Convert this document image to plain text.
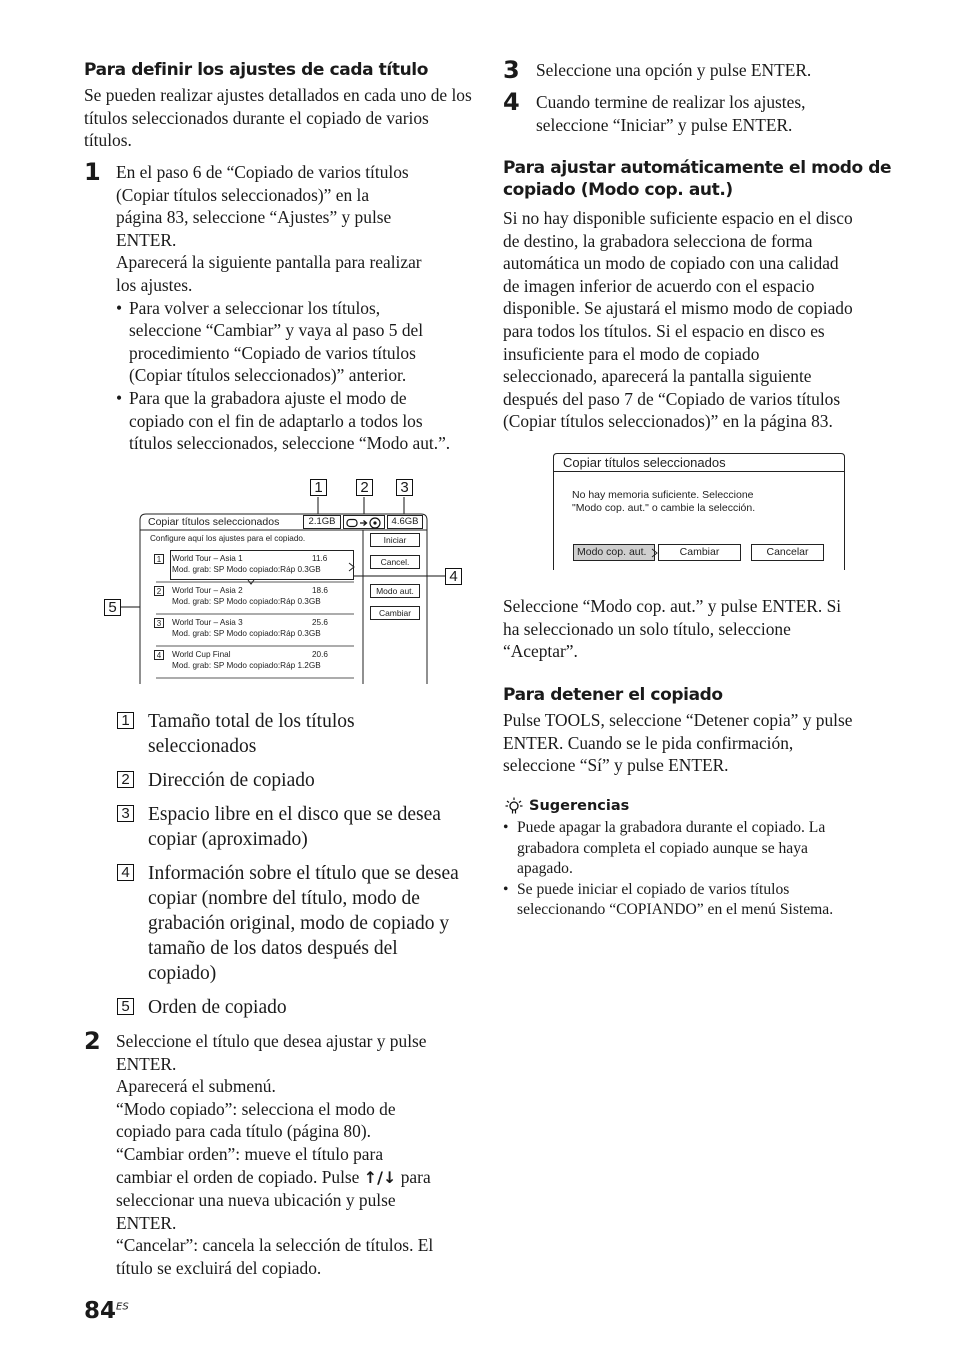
Para definir los ajustes de cada título
Se pueden realizar ajustes detallados en cada uno de los títulos seleccionados durante el copiado de varios títulos.
1 En el paso 6 de “Copiado de varios títulos
(Copiar títulos seleccionados)” en la
página 83, seleccione “Ajustes” y pulse
ENTER.
Aparecerá la siguiente pantalla para realizar
los ajustes.
• Para volver a seleccionar los títulos,
seleccione “Cambiar” y vaya al paso 5 del
procedimiento “Copiado de varios títulos
(Copiar títulos seleccionados)” anterior.
• Para que la grabadora ajuste el modo de
copiado con el fin de adaptarlo a todos los
títulos seleccionados, seleccione “Modo aut.”.
1	2 3
4
5
Copiar títulos seleccionados	2.1GB	4.6GB
Configure aquí los ajustes para el copiado.
1	World Tour – Asia 1	11.6
Mod. grab: SP Modo copiado:Ráp 0.3GB
2	World Tour – Asia 2	18.6
Mod. grab: SP Modo copiado:Ráp 0.3GB
3	World Tour – Asia 3	25.6
Mod. grab: SP Modo copiado:Ráp 0.3GB
4	World Cup Final	20.6
Mod. grab: SP Modo copiado:Ráp 1.2GB
Iniciar
Cancel.
Modo aut.
Cambiar
1 Tamaño total de los títulos
seleccionados
2 Dirección de copiado
3 Espacio libre en el disco que se desea
copiar (aproximado)
4 Información sobre el título que se desea
copiar (nombre del título, modo de
grabación original, modo de copiado y
tamaño de los datos después del
copiado)
5 Orden de copiado
2 Seleccione el título que desea ajustar y pulse
ENTER.
Aparecerá el submenú.
“Modo copiado”: selecciona el modo de
copiado para cada título (página 80).
“Cambiar orden”: mueve el título para
cambiar el orden de copiado. Pulse ↑/↓ para
seleccionar una nueva ubicación y pulse
ENTER.
“Cancelar”: cancela la selección de títulos. El
título se excluirá del copiado.
$84^{ES}$
3 Seleccione una opción y pulse ENTER.
4 Cuando termine de realizar los ajustes,
seleccione “Iniciar” y pulse ENTER.
Para ajustar automáticamente el modo de
copiado (Modo cop. aut.)
Si no hay disponible suficiente espacio en el disco
de destino, la grabadora selecciona de forma
automática un modo de copiado con una calidad
de imagen inferior de acuerdo con el espacio
disponible. Se ajustará el mismo modo de copiado
para todos los títulos. Si el espacio en disco es
insuficiente para el modo de copiado
seleccionado, aparecerá la pantalla siguiente
después del paso 7 de “Copiado de varios títulos
(Copiar títulos seleccionados)” en la página 83.
Copiar títulos seleccionados
No hay memoria suficiente. Seleccione
"Modo cop. aut." o cambie la selección.
Modo cop. aut.	Cambiar	Cancelar
Seleccione “Modo cop. aut.” y pulse ENTER. Si
ha seleccionado un solo título, seleccione
“Aceptar”.
Para detener el copiado
Pulse TOOLS, seleccione “Detener copia” y pulse
ENTER. Cuando se le pida confirmación,
seleccione “Sí” y pulse ENTER.
Sugerencias
• Puede apagar la grabadora durante el copiado. La
grabadora completa el copiado aunque se haya
apagado.
• Se puede iniciar el copiado de varios títulos
seleccionando “COPIANDO” en el menú Sistema.
